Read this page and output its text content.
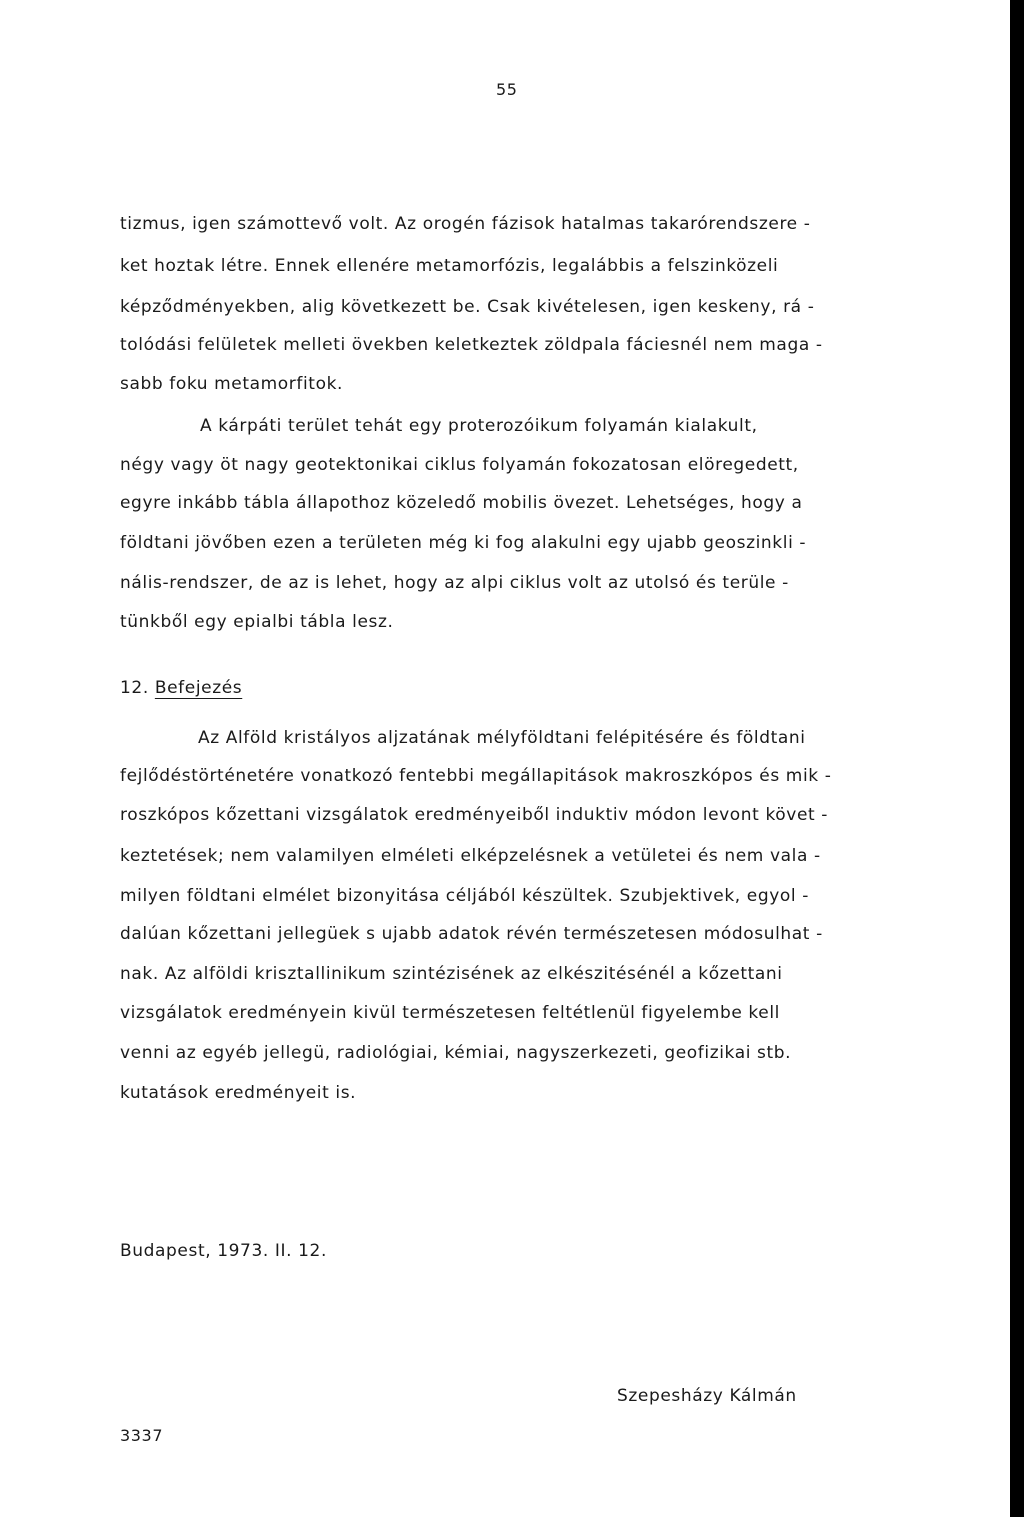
55
tizmus, igen számottevő volt. Az orogén fázisok hatalmas takarórendszere -
ket hoztak létre. Ennek ellenére metamorfózis, legalábbis a felszinközeli
képződményekben, alig következett be. Csak kivételesen, igen keskeny, rá -
tolódási felületek melleti övekben keletkeztek zöldpala fáciesnél nem maga -
sabb foku metamorfitok.
A kárpáti terület tehát egy proterozóikum folyamán kialakult,
négy vagy öt nagy geotektonikai ciklus folyamán fokozatosan elöregedett,
egyre inkább tábla állapothoz közeledő mobilis övezet. Lehetséges, hogy a
földtani jövőben ezen a területen még ki fog alakulni egy ujabb geoszinkli -
nális-rendszer, de az is lehet, hogy az alpi ciklus volt az utolsó és terüle -
tünkből egy epialbi tábla lesz.
12. Befejezés
Az Alföld kristályos aljzatának mélyföldtani felépitésére és földtani
fejlődéstörténetére vonatkozó fentebbi megállapitások makroszkópos és mik -
roszkópos kőzettani vizsgálatok eredményeiből induktiv módon levont követ -
keztetések; nem valamilyen elméleti elképzelésnek a vetületei és nem vala -
milyen földtani elmélet bizonyitása céljából készültek. Szubjektivek, egyol -
dalúan kőzettani jellegüek s ujabb adatok révén természetesen módosulhat -
nak. Az alföldi krisztallinikum szintézisének az elkészitésénél a kőzettani
vizsgálatok eredményein kivül természetesen feltétlenül figyelembe kell
venni az egyéb jellegü, radiológiai, kémiai, nagyszerkezeti, geofizikai stb.
kutatások eredményeit is.
Budapest, 1973. II. 12.
Szepesházy Kálmán
3337
